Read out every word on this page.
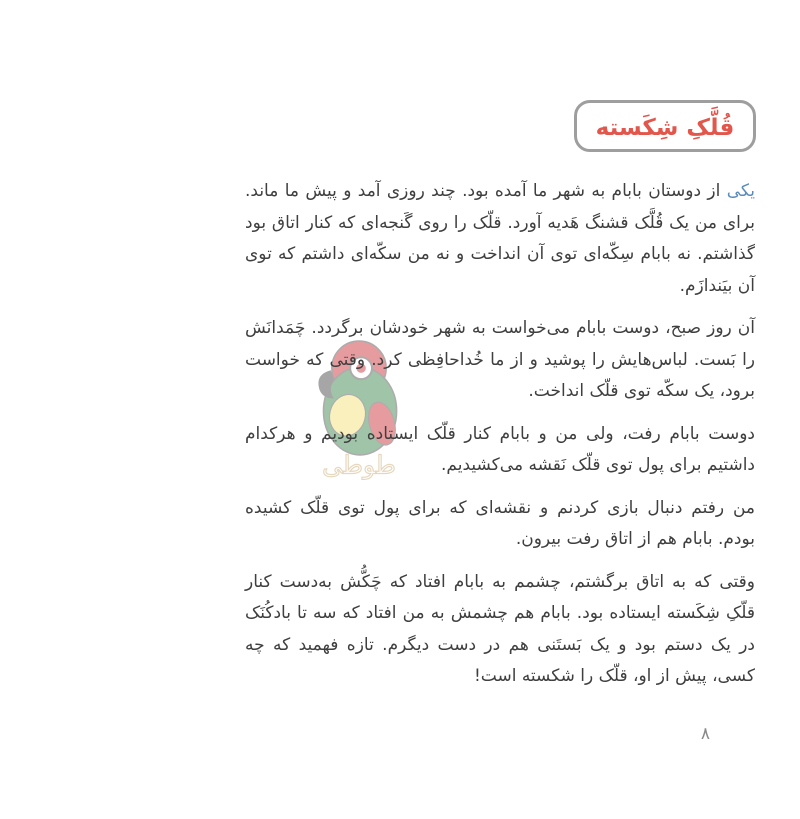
قُلَّکِ شِکَسته
طوطی

یکی از دوستان بابام به شهر ما آمده بود. چند روزی آمد و پیش ما ماند. برای من یک قُلَّک قشنگ هَدیه آورد. قلّک را روی گَنجه‌ای که کنار اتاق بود گذاشتم. نه بابام سِکّه‌ای توی آن انداخت و نه من سکّه‌ای داشتم که توی آن بیَندازَم.

آن روز صبح، دوست بابام می‌خواست به شهر خودشان برگردد. چَمَدانَش را بَست. لباس‌هایش را پوشید و از ما خُداحافِظی کرد. وقتی که خواست برود، یک سکّه توی قلّک انداخت.

دوست بابام رفت، ولی من و بابام کنار قلّک ایستاده بودیم و هرکدام داشتیم برای پول توی قلّک نَقشه می‌کشیدیم.

من رفتم دنبال بازی کردنم و نقشه‌ای که برای پول توی قلّک کشیده بودم. بابام هم از اتاق رفت بیرون.

وقتی که به اتاق برگشتم، چشمم به بابام افتاد که چَکُّش به‌دست کنار قلّکِ شِکَسته ایستاده بود. بابام هم چشمش به من افتاد که سه تا بادکُنَک در یک دستم بود و یک بَستَنی هم در دست دیگرم. تازه فهمید که چه کسی، پیش از او، قلّک را شکسته است!

۸
